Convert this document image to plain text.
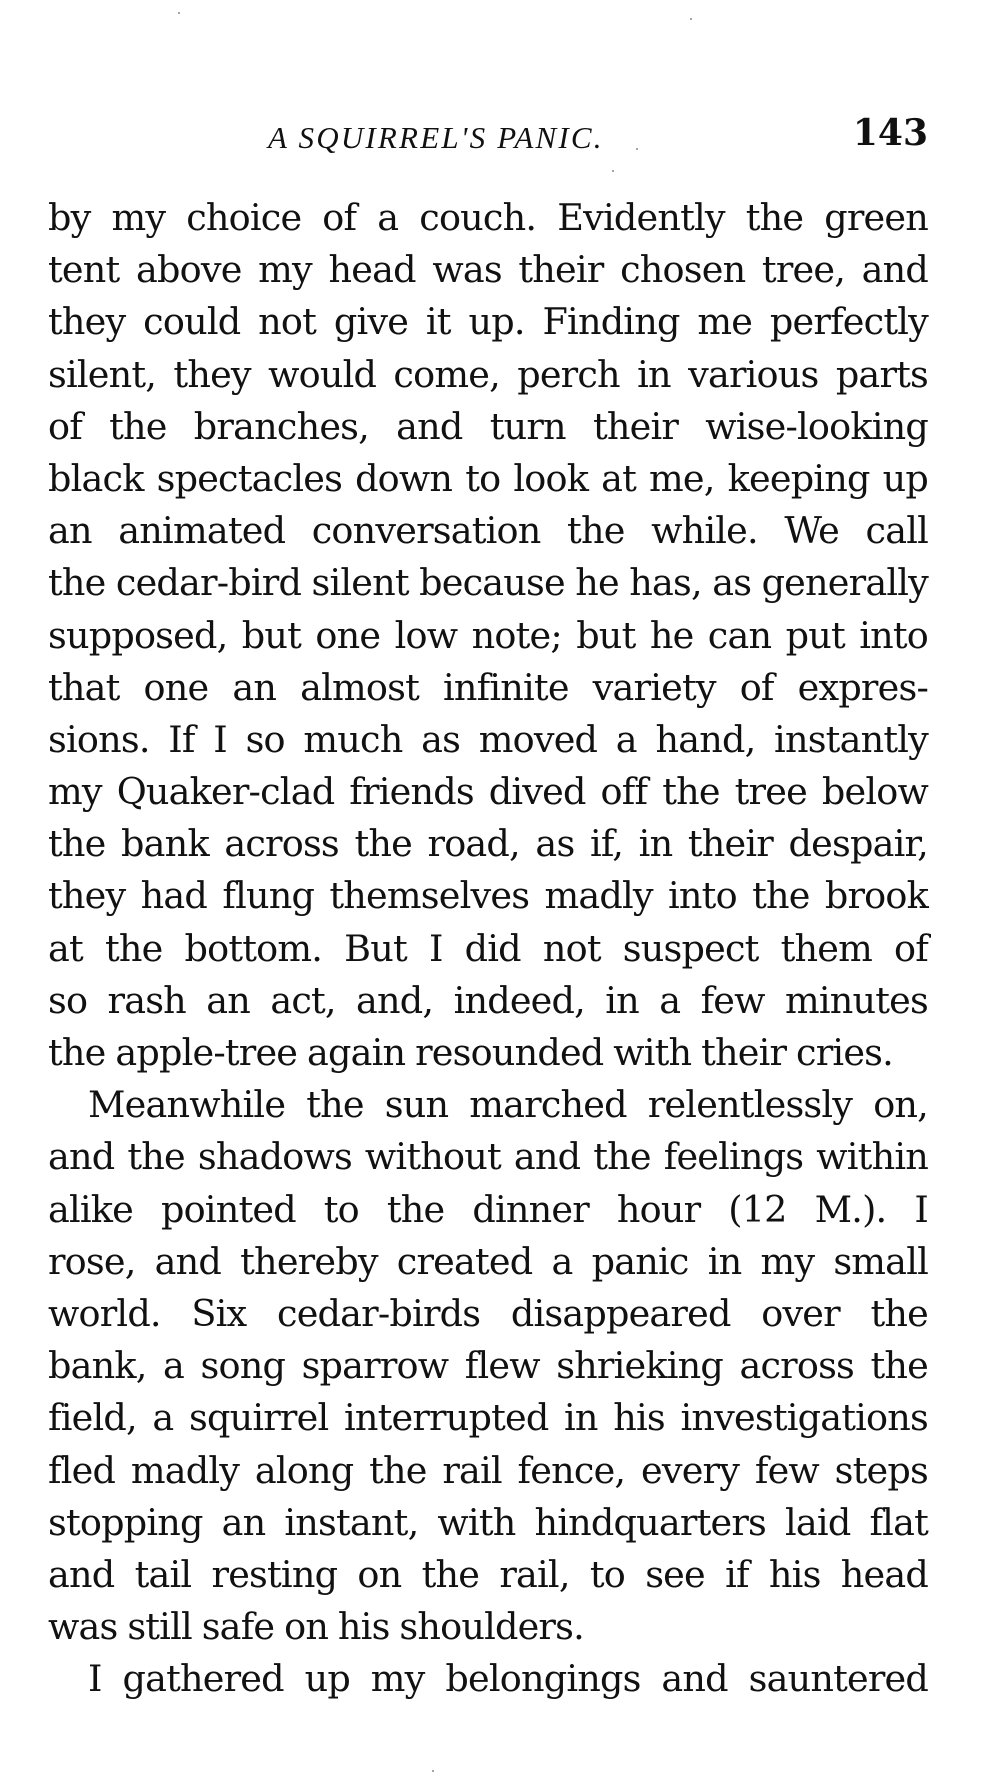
A SQUIRREL'S PANIC.	143
by my choice of a couch. Evidently the green
tent above my head was their chosen tree, and
they could not give it up. Finding me perfectly
silent, they would come, perch in various parts
of the branches, and turn their wise-looking
black spectacles down to look at me, keeping up
an animated conversation the while. We call
the cedar-bird silent because he has, as generally
supposed, but one low note; but he can put into
that one an almost infinite variety of expres-
sions. If I so much as moved a hand, instantly
my Quaker-clad friends dived off the tree below
the bank across the road, as if, in their despair,
they had flung themselves madly into the brook
at the bottom. But I did not suspect them of
so rash an act, and, indeed, in a few minutes
the apple-tree again resounded with their cries.
Meanwhile the sun marched relentlessly on,
and the shadows without and the feelings within
alike pointed to the dinner hour (12 M.). I
rose, and thereby created a panic in my small
world. Six cedar-birds disappeared over the
bank, a song sparrow flew shrieking across the
field, a squirrel interrupted in his investigations
fled madly along the rail fence, every few steps
stopping an instant, with hindquarters laid flat
and tail resting on the rail, to see if his head
was still safe on his shoulders.
I gathered up my belongings and sauntered
